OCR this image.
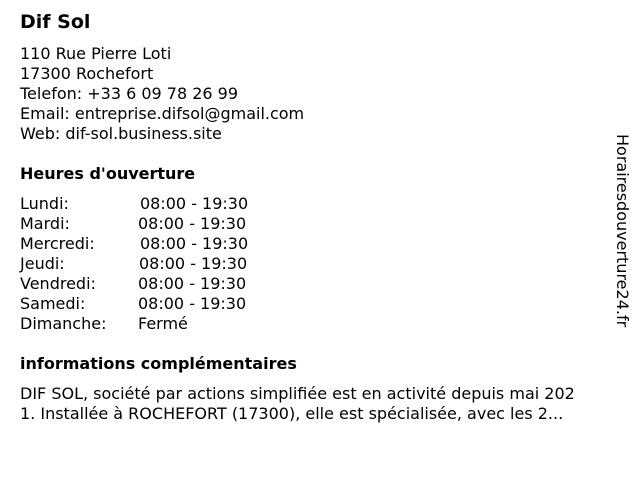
Dif Sol
110 Rue Pierre Loti
17300 Rochefort
Telefon: +33 6 09 78 26 99
Email: entreprise.difsol@gmail.com
Web: dif-sol.business.site
Heures d'ouverture
Lundi:	08:00 - 19:30
Mardi:	08:00 - 19:30
Mercredi:	08:00 - 19:30
Jeudi:	08:00 - 19:30
Vendredi:	08:00 - 19:30
Samedi:	08:00 - 19:30
Dimanche: Fermé
informations complémentaires
DIF SOL, société par actions simplifiée est en activité depuis mai 202
1. Installée à ROCHEFORT (17300), elle est spécialisée, avec les 2...
Horairesdouverture24.fr
